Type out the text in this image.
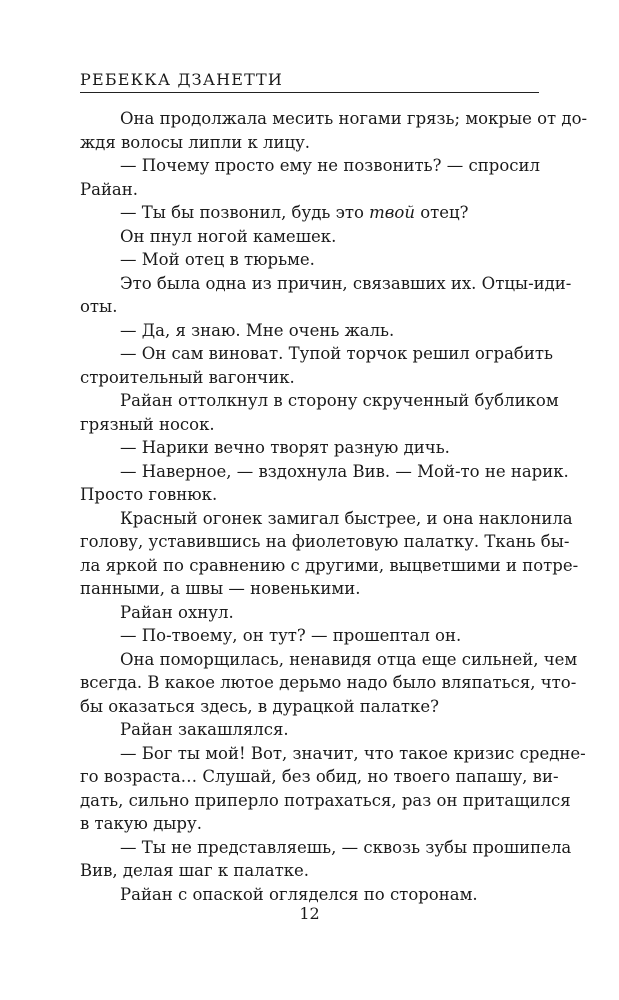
РЕБЕККА ДЗАНЕТТИ
Она продолжала месить ногами грязь; мокрые от до-
ждя волосы липли к лицу.
— Почему просто ему не позвонить? — спросил
Райан.
— Ты бы позвонил, будь это твой отец?
Он пнул ногой камешек.
— Мой отец в тюрьме.
Это была одна из причин, связавших их. Отцы-иди-
оты.
— Да, я знаю. Мне очень жаль.
— Он сам виноват. Тупой торчок решил ограбить
строительный вагончик.
Райан оттолкнул в сторону скрученный бубликом
грязный носок.
— Нарики вечно творят разную дичь.
— Наверное, — вздохнула Вив. — Мой-то не нарик.
Просто говнюк.
Красный огонек замигал быстрее, и она наклонила
голову, уставившись на фиолетовую палатку. Ткань бы-
ла яркой по сравнению с другими, выцветшими и потре-
панными, а швы — новенькими.
Райан охнул.
— По-твоему, он тут? — прошептал он.
Она поморщилась, ненавидя отца еще сильней, чем
всегда. В какое лютое дерьмо надо было вляпаться, что-
бы оказаться здесь, в дурацкой палатке?
Райан закашлялся.
— Бог ты мой! Вот, значит, что такое кризис средне-
го возраста… Слушай, без обид, но твоего папашу, ви-
дать, сильно приперло потрахаться, раз он притащился
в такую дыру.
— Ты не представляешь, — сквозь зубы прошипела
Вив, делая шаг к палатке.
Райан с опаской огляделся по сторонам.
12
